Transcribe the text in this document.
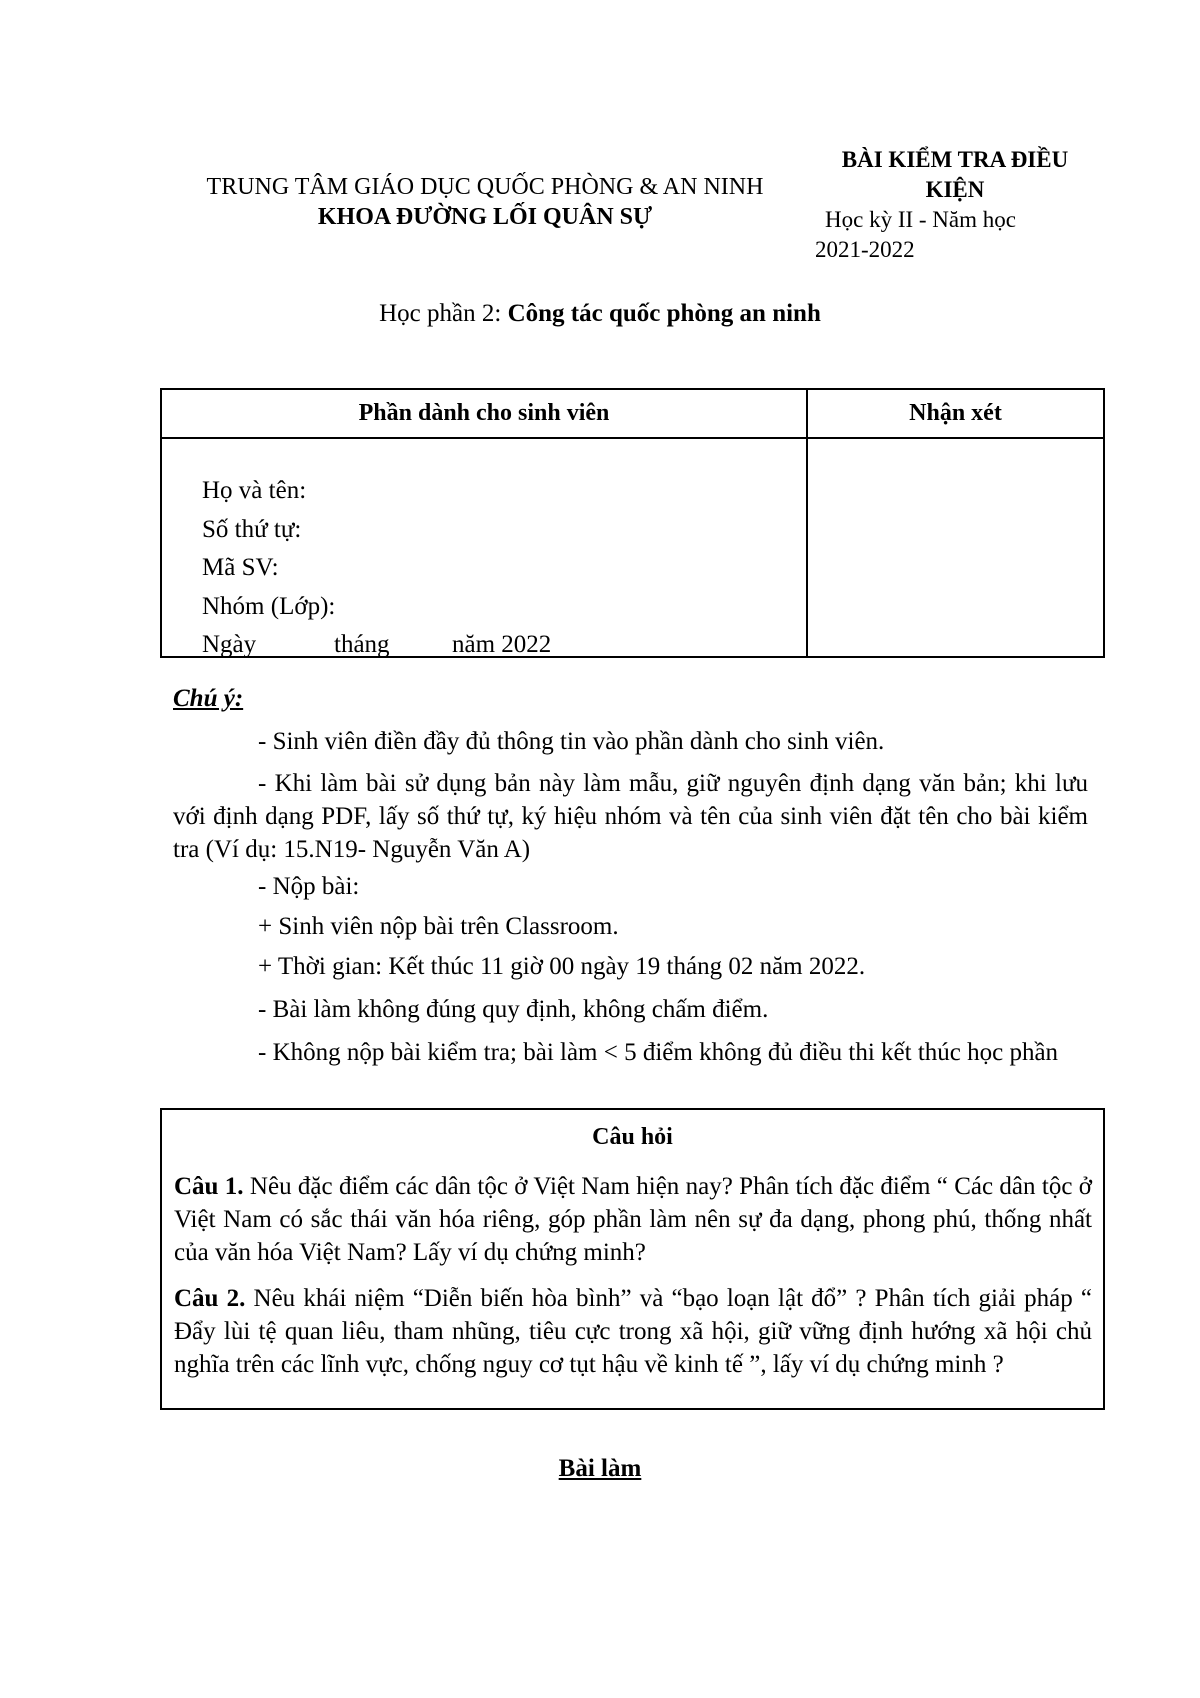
TRUNG TÂM GIÁO DỤC QUỐC PHÒNG & AN NINH
KHOA ĐƯỜNG LỐI QUÂN SỰ
BÀI KIỂM TRA ĐIỀU KIỆN
Học kỳ II - Năm học
2021-2022
Học phần 2: Công tác quốc phòng an ninh
Phần dành cho sinh viên	Nhận xét
Họ và tên:
Số thứ tự:
Mã SV:
Nhóm (Lớp):
Ngày	tháng năm 2022
Chú ý:
- Sinh viên điền đầy đủ thông tin vào phần dành cho sinh viên.
- Khi làm bài sử dụng bản này làm mẫu, giữ nguyên định dạng văn bản; khi lưu với định dạng PDF, lấy số thứ tự, ký hiệu nhóm và tên của sinh viên đặt tên cho bài kiểm tra (Ví dụ: 15.N19- Nguyễn Văn A)
- Nộp bài:
+ Sinh viên nộp bài trên Classroom.
+ Thời gian: Kết thúc 11 giờ 00 ngày 19 tháng 02 năm 2022.
- Bài làm không đúng quy định, không chấm điểm.
- Không nộp bài kiểm tra; bài làm < 5 điểm không đủ điều thi kết thúc học phần
Câu hỏi
Câu 1. Nêu đặc điểm các dân tộc ở Việt Nam hiện nay? Phân tích đặc điểm “ Các dân tộc ở Việt Nam có sắc thái văn hóa riêng, góp phần làm nên sự đa dạng, phong phú, thống nhất của văn hóa Việt Nam? Lấy ví dụ chứng minh?
Câu 2. Nêu khái niệm “Diễn biến hòa bình” và “bạo loạn lật đổ” ? Phân tích giải pháp “ Đẩy lùi tệ quan liêu, tham nhũng, tiêu cực trong xã hội, giữ vững định hướng xã hội chủ nghĩa trên các lĩnh vực, chống nguy cơ tụt hậu về kinh tế ”, lấy ví dụ chứng minh ?
Bài làm
